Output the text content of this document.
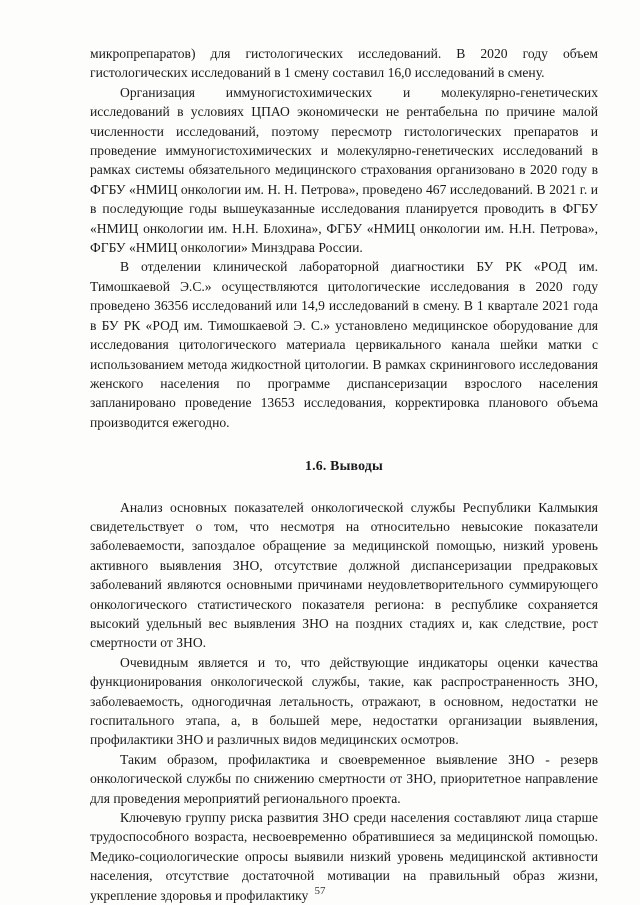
микропрепаратов) для гистологических исследований. В 2020 году объем гистологических исследований в 1 смену составил 16,0 исследований в смену.

Организация иммуногистохимических и молекулярно-генетических исследований в условиях ЦПАО экономически не рентабельна по причине малой численности исследований, поэтому пересмотр гистологических препаратов и проведение иммуногистохимических и молекулярно-генетических исследований в рамках системы обязательного медицинского страхования организовано в 2020 году в ФГБУ «НМИЦ онкологии им. Н. Н. Петрова», проведено 467 исследований. В 2021 г. и в последующие годы вышеуказанные исследования планируется проводить в ФГБУ «НМИЦ онкологии им. Н.Н. Блохина», ФГБУ «НМИЦ онкологии им. Н.Н. Петрова», ФГБУ «НМИЦ онкологии» Минздрава России.

В отделении клинической лабораторной диагностики БУ РК «РОД им. Тимошкаевой Э.С.» осуществляются цитологические исследования в 2020 году проведено 36356 исследований или 14,9 исследований в смену. В 1 квартале 2021 года в БУ РК «РОД им. Тимошкаевой Э. С.» установлено медицинское оборудование для исследования цитологического материала цервикального канала шейки матки с использованием метода жидкостной цитологии. В рамках скринингового исследования женского населения по программе диспансеризации взрослого населения запланировано проведение 13653 исследования, корректировка планового объема производится ежегодно.

1.6. Выводы

Анализ основных показателей онкологической службы Республики Калмыкия свидетельствует о том, что несмотря на относительно невысокие показатели заболеваемости, запоздалое обращение за медицинской помощью, низкий уровень активного выявления ЗНО, отсутствие должной диспансеризации предраковых заболеваний являются основными причинами неудовлетворительного суммирующего онкологического статистического показателя региона: в республике сохраняется высокий удельный вес выявления ЗНО на поздних стадиях и, как следствие, рост смертности от ЗНО.

Очевидным является и то, что действующие индикаторы оценки качества функционирования онкологической службы, такие, как распространенность ЗНО, заболеваемость, одногодичная летальность, отражают, в основном, недостатки не госпитального этапа, а, в большей мере, недостатки организации выявления, профилактики ЗНО и различных видов медицинских осмотров.

Таким образом, профилактика и своевременное выявление ЗНО - резерв онкологической службы по снижению смертности от ЗНО, приоритетное направление для проведения мероприятий регионального проекта.

Ключевую группу риска развития ЗНО среди населения составляют лица старше трудоспособного возраста, несвоевременно обратившиеся за медицинской помощью. Медико-социологические опросы выявили низкий уровень медицинской активности населения, отсутствие достаточной мотивации на правильный образ жизни, укрепление здоровья и профилактику 57
